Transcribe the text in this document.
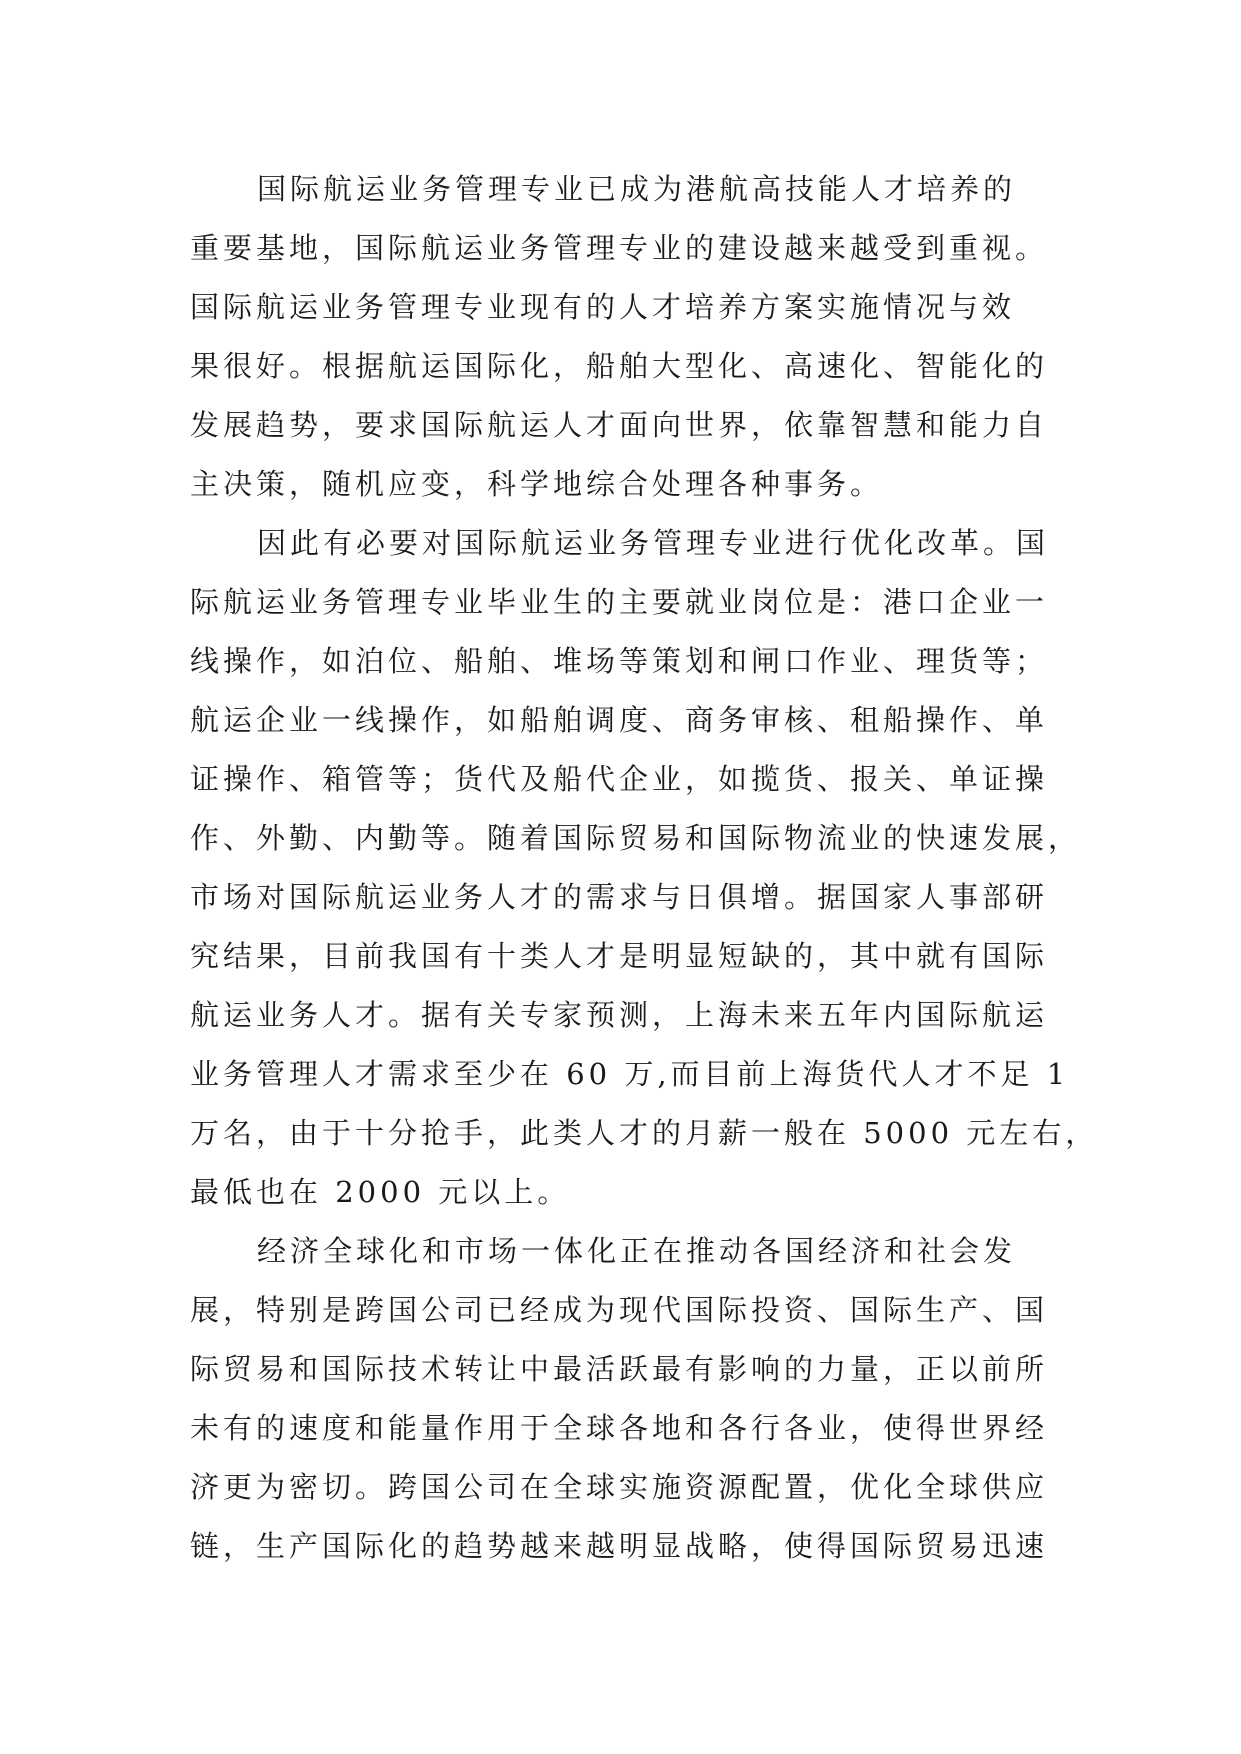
国际航运业务管理专业已成为港航高技能人才培养的
重要基地，国际航运业务管理专业的建设越来越受到重视。
国际航运业务管理专业现有的人才培养方案实施情况与效
果很好。根据航运国际化，船舶大型化、高速化、智能化的
发展趋势，要求国际航运人才面向世界，依靠智慧和能力自
主决策，随机应变，科学地综合处理各种事务。
因此有必要对国际航运业务管理专业进行优化改革。国
际航运业务管理专业毕业生的主要就业岗位是：港口企业一
线操作，如泊位、船舶、堆场等策划和闸口作业、理货等；
航运企业一线操作，如船舶调度、商务审核、租船操作、单
证操作、箱管等；货代及船代企业，如揽货、报关、单证操
作、外勤、内勤等。随着国际贸易和国际物流业的快速发展，
市场对国际航运业务人才的需求与日俱增。据国家人事部研
究结果，目前我国有十类人才是明显短缺的，其中就有国际
航运业务人才。据有关专家预测，上海未来五年内国际航运
业务管理人才需求至少在 60 万,而目前上海货代人才不足 1
万名，由于十分抢手，此类人才的月薪一般在 5000 元左右，
最低也在 2000 元以上。
经济全球化和市场一体化正在推动各国经济和社会发
展，特别是跨国公司已经成为现代国际投资、国际生产、国
际贸易和国际技术转让中最活跃最有影响的力量，正以前所
未有的速度和能量作用于全球各地和各行各业，使得世界经
济更为密切。跨国公司在全球实施资源配置，优化全球供应
链，生产国际化的趋势越来越明显战略，使得国际贸易迅速
